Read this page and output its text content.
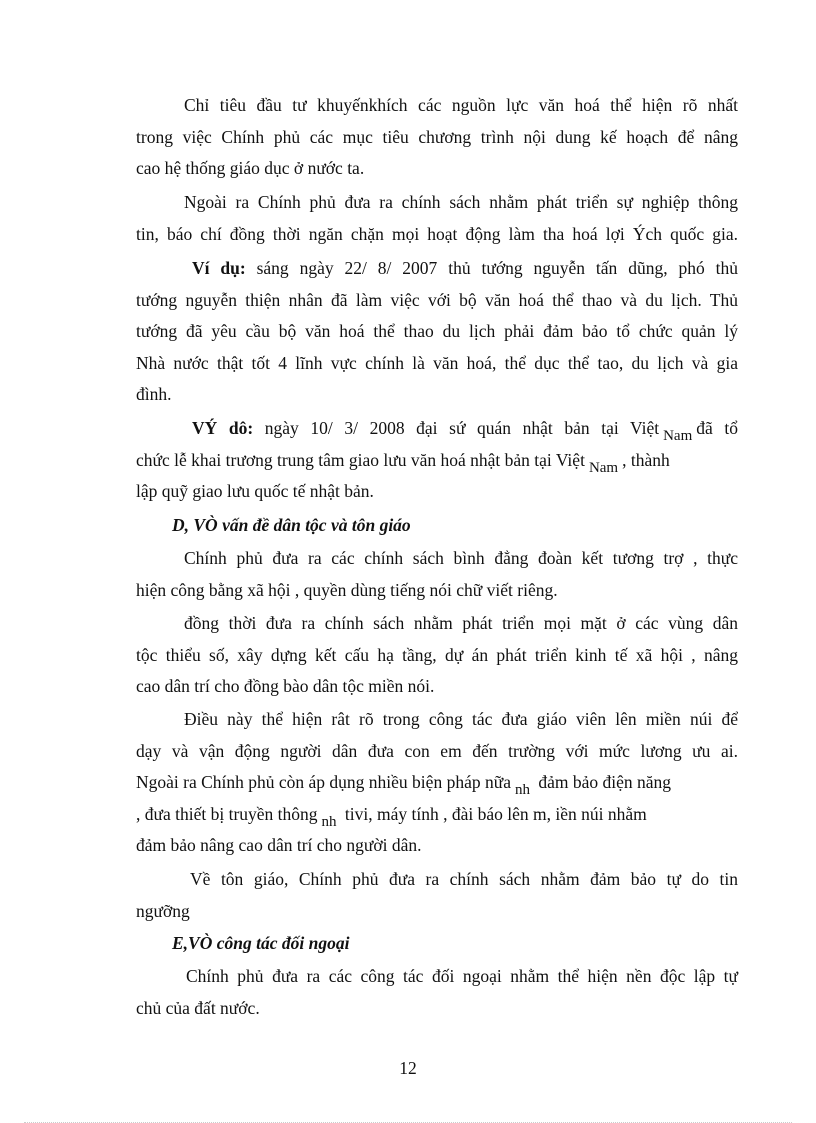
Chỉ tiêu đầu tư khuyếnkhích các nguồn lực văn hoá thể hiện rõ nhất
trong việc Chính phủ các mục tiêu chương trình nội dung kế hoạch để nâng
cao hệ thống giáo dục ở nước ta.
Ngoài ra Chính phủ đưa ra chính sách nhằm phát triển sự nghiệp thông
tin, báo chí đồng thời ngăn chặn mọi hoạt động làm tha hoá lợi Ých quốc gia.
Ví dụ: sáng ngày 22/ 8/ 2007 thủ tướng nguyễn tấn dũng, phó thủ
tướng nguyễn thiện nhân đã làm việc với bộ văn hoá thể thao và du lịch. Thủ
tướng đã yêu cầu bộ văn hoá thể thao du lịch phải đảm bảo tổ chức quản lý
Nhà nước thật tốt 4 lĩnh vực chính là văn hoá, thể dục thể tao, du lịch và gia
đình.
VÝ dô: ngày 10/ 3/ 2008 đại sứ quán nhật bản tại Việt Nam đã tổ
chức lễ khai trương trung tâm giao lưu văn hoá nhật bản tại Việt Nam , thành
lập quỹ giao lưu quốc tế nhật bản.
D, VÒ vấn đề dân tộc và tôn giáo
Chính phủ đưa ra các chính sách bình đẳng đoàn kết tương trợ , thực
hiện công bằng xã hội , quyền dùng tiếng nói chữ viết riêng.
đồng thời đưa ra chính sách nhằm phát triển mọi mặt ở các vùng dân
tộc thiểu số, xây dựng kết cấu hạ tầng, dự án phát triển kinh tế xã hội , nâng
cao dân trí cho đồng bào dân tộc miền nói.
Điều này thể hiện rât rõ trong công tác đưa giáo viên lên miền núi để
dạy và vận động người dân đưa con em đến trường với mức lương ưu ai.
Ngoài ra Chính phủ còn áp dụng nhiều biện pháp nữa nh đảm bảo điện năng
, đưa thiết bị truyền thông nh tivi, máy tính , đài báo lên m, iền núi nhằm
đảm bảo nâng cao dân trí cho người dân.
Về tôn giáo, Chính phủ đưa ra chính sách nhằm đảm bảo tự do tin
ngưỡng
E,VÒ công tác đối ngoại
Chính phủ đưa ra các công tác đối ngoại nhằm thể hiện nền độc lập tự
chủ của đất nước.
12
